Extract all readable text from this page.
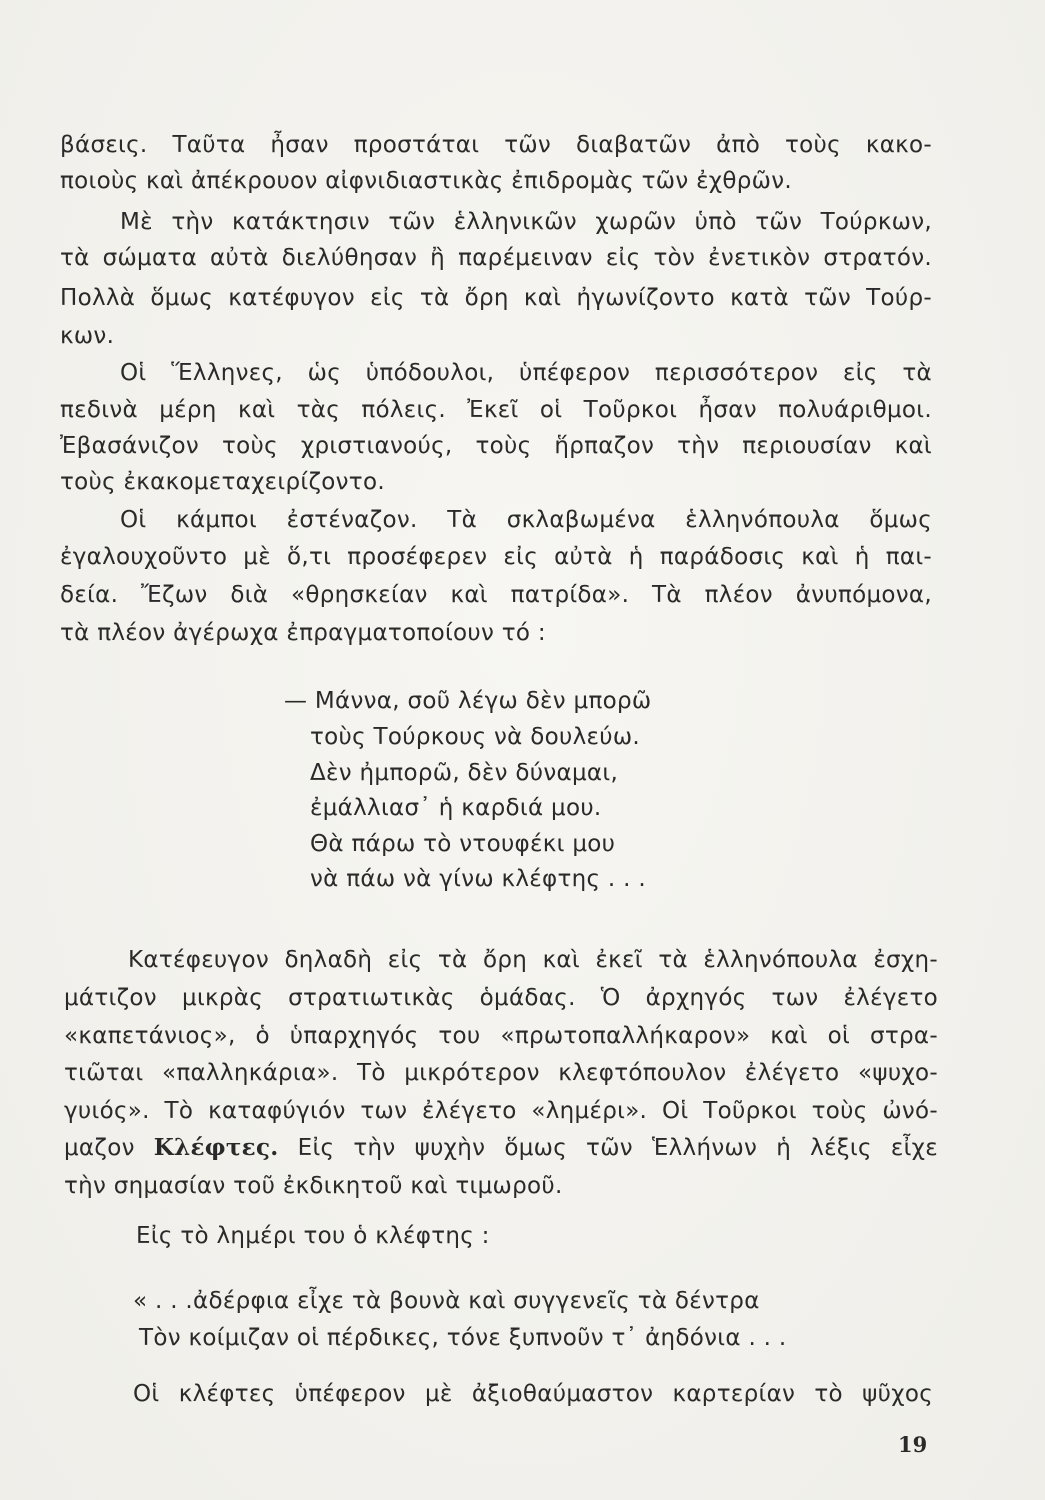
βάσεις. Ταῦτα ἦσαν προστάται τῶν διαβατῶν ἀπὸ τοὺς κακο-
ποιοὺς καὶ ἀπέκρουον αἰφνιδιαστικὰς ἐπιδρομὰς τῶν ἐχθρῶν.
Μὲ τὴν κατάκτησιν τῶν ἑλληνικῶν χωρῶν ὑπὸ τῶν Τούρκων,
τὰ σώματα αὐτὰ διελύθησαν ἢ παρέμειναν εἰς τὸν ἐνετικὸν στρατόν.
Πολλὰ ὅμως κατέφυγον εἰς τὰ ὄρη καὶ ἠγωνίζοντο κατὰ τῶν Τούρ-
κων.
Οἱ Ἕλληνες, ὡς ὑπόδουλοι, ὑπέφερον περισσότερον εἰς τὰ
πεδινὰ μέρη καὶ τὰς πόλεις. Ἐκεῖ οἱ Τοῦρκοι ἦσαν πολυάριθμοι.
Ἐβασάνιζον τοὺς χριστιανούς, τοὺς ἥρπαζον τὴν περιουσίαν καὶ
τοὺς ἐκακομεταχειρίζοντο.
Οἱ κάμποι ἐστέναζον. Τὰ σκλαβωμένα ἑλληνόπουλα ὅμως
ἐγαλουχοῦντο μὲ ὅ,τι προσέφερεν εἰς αὐτὰ ἡ παράδοσις καὶ ἡ παι-
δεία. Ἔζων διὰ «θρησκείαν καὶ πατρίδα». Τὰ πλέον ἀνυπόμονα,
τὰ πλέον ἀγέρωχα ἐπραγματοποίουν τό :
— Μάννα, σοῦ λέγω δὲν μπορῶ
τοὺς Τούρκους νὰ δουλεύω.
Δὲν ἠμπορῶ, δὲν δύναμαι,
ἐμάλλιασ᾽ ἡ καρδιά μου.
Θὰ πάρω τὸ ντουφέκι μου
νὰ πάω νὰ γίνω κλέφτης . . .
Κατέφευγον δηλαδὴ εἰς τὰ ὄρη καὶ ἐκεῖ τὰ ἑλληνόπουλα ἐσχη-
μάτιζον μικρὰς στρατιωτικὰς ὁμάδας. Ὁ ἀρχηγός των ἐλέγετο
«καπετάνιος», ὁ ὑπαρχηγός του «πρωτοπαλλήκαρον» καὶ οἱ στρα-
τιῶται «παλληκάρια». Τὸ μικρότερον κλεφτόπουλον ἐλέγετο «ψυχο-
γυιός». Τὸ καταφύγιόν των ἐλέγετο «λημέρι». Οἱ Τοῦρκοι τοὺς ὠνό-
μαζον Κλέφτες. Εἰς τὴν ψυχὴν ὅμως τῶν Ἑλλήνων ἡ λέξις εἶχε
τὴν σημασίαν τοῦ ἐκδικητοῦ καὶ τιμωροῦ.
Εἰς τὸ λημέρι του ὁ κλέφτης :
« . . .ἀδέρφια εἶχε τὰ βουνὰ καὶ συγγενεῖς τὰ δέντρα
Τὸν κοίμιζαν οἱ πέρδικες, τόνε ξυπνοῦν τ᾽ ἀηδόνια . . .
Οἱ κλέφτες ὑπέφερον μὲ ἀξιοθαύμαστον καρτερίαν τὸ ψῦχος
19
